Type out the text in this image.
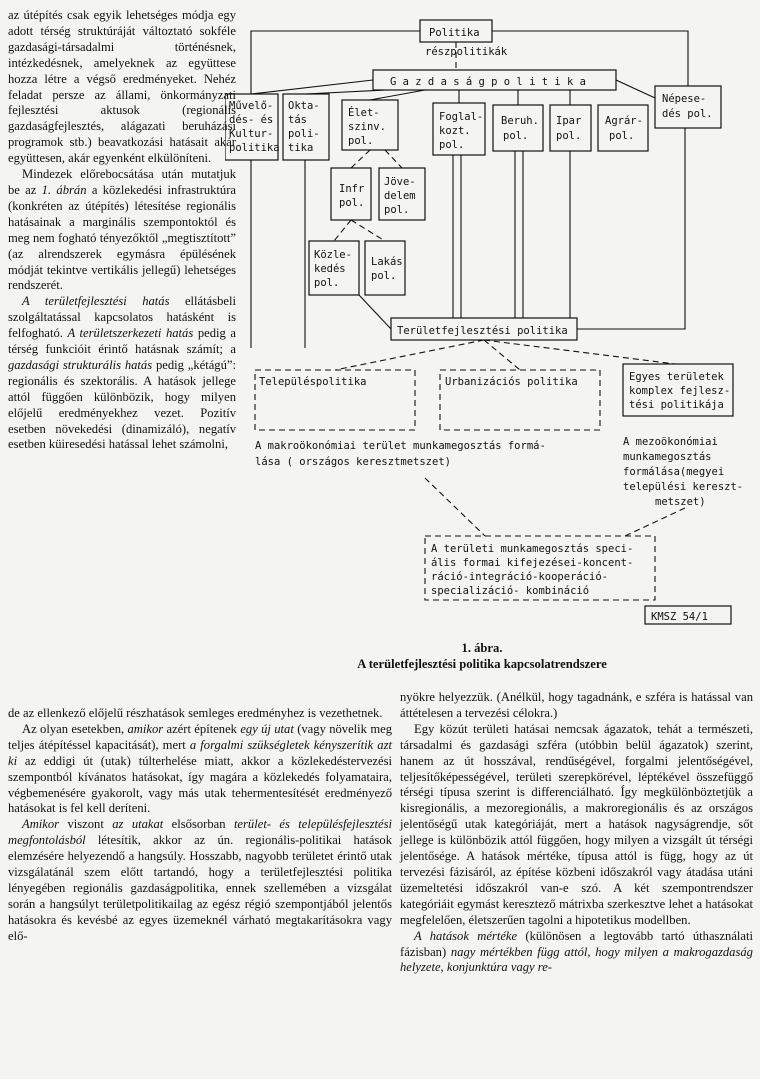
az útépítés csak egyik lehetséges módja egy adott térség struktúráját változtató sokféle gazdasági-társadalmi történésnek, intézkedésnek, amelyeknek az együttese hozza létre a végső eredményeket. Nehéz feladat persze az állami, önkormányzati fejlesztési aktusok (regionális gazdaságfejlesztés, alágazati beruházási programok stb.) beavatkozási hatásait akár együttesen, akár egyenként elkülöníteni.

Mindezek előrebocsátása után mutatjuk be az 1. ábrán a közlekedési infrastruktúra (konkréten az útépítés) létesítése regionális hatásainak a marginális szempontoktól és meg nem fogható tényezőktől „megtisztított” (az alrendszerek egymásra épülésének módját tekintve vertikális jellegű) lehetséges rendszerét.

A területfejlesztési hatás ellátásbeli szolgáltatással kapcsolatos hatásként is felfogható. A területszerkezeti hatás pedig a térség funkcióit érintő hatásnak számít; a gazdasági strukturális hatás pedig „kétágú”: regionális és szektorális. A hatások jellege attól függően különbözik, hogy milyen előjelű eredményekhez vezet. Pozitív esetben növekedési (dinamizáló), negatív esetben küiresedési hatással lehet számolni,

Politika
részpolitikák
G a z d a s á g p o l i t i k a
Népese-
dés pol.
Művelő-
dés- és
Kultur-
politika
Okta-
tás
poli-
tika
Élet-
szinv.
pol.
Foglal-
kozt.
pol.
Beruh.
pol.
Ipar
pol.
Agrár-
pol.
Infr
pol.
Jöve-
delem
pol.
Közle-
kedés
pol.
Lakás
pol.
Területfejlesztési politika
Településpolitika	Urbanizációs politika	Egyes területek
komplex fejlesz-
tési politikája
A makroökonómiai terület munkamegosztás formá-
lása ( országos keresztmetszet)
A mezoökonómiai
munkamegosztás
formálása(megyei
települési kereszt-
metszet)
A területi munkamegosztás speci-
ális formai kifejezései-koncent-
ráció-integráció-kooperáció-
specializáció- kombináció
KMSZ 54/1
1. ábra.
A területfejlesztési politika kapcsolatrendszere

de az ellenkező előjelű részhatások semleges eredményhez is vezethetnek.

Az olyan esetekben, amikor azért építenek egy új utat (vagy növelik meg teljes átépítéssel kapacitását), mert a forgalmi szükségletek kényszerítik azt ki az eddigi út (utak) túlterhelése miatt, akkor a közlekedéstervezési szempontból kívánatos hatásokat, így magára a közlekedés folyamataira, végbemenésére gyakorolt, vagy más utak tehermentesítését eredményező hatásokat is fel kell deríteni.

Amikor viszont az utakat elsősorban terület- és településfejlesztési megfontolásból létesítik, akkor az ún. regionális-politikai hatások elemzésére helyezendő a hangsúly. Hosszabb, nagyobb területet érintő utak vizsgálatánál szem előtt tartandó, hogy a területfejlesztési politika lényegében regionális gazdaságpolitika, ennek szellemében a vizsgálat során a hangsúlyt területpolitikailag az egész régió szempontjából jelentős hatásokra és kevésbé az egyes üzemeknél várható megtakarításokra vagy elő-

nyökre helyezzük. (Anélkül, hogy tagadnánk, e szféra is hatással van áttételesen a tervezési célokra.)

Egy közút területi hatásai nemcsak ágazatok, tehát a természeti, társadalmi és gazdasági szféra (utóbbin belül ágazatok) szerint, hanem az út hosszával, rendűségével, forgalmi jelentőségével, teljesítőképességével, területi szerepkörével, léptékével összefüggő térségi típusa szerint is differenciálható. Így megkülönböztetjük a kisregionális, a mezoregionális, a makroregionális és az országos jelentőségű utak kategóriáját, mert a hatások nagyságrendje, sőt jellege is különbözik attól függően, hogy milyen a vizsgált út térségi jelentősége. A hatások mértéke, típusa attól is függ, hogy az út tervezési fázisáról, az építése közbeni időszakról vagy átadása utáni üzemeltetési időszakról van-e szó. A két szempontrendszer kategóriáit egymást keresztező mátrixba szerkesztve lehet a hatásokat megfelelően, életszerűen tagolni a hipotetikus modellben.

A hatások mértéke (különösen a legtovább tartó úthasználati fázisban) nagy mértékben függ attól, hogy milyen a makrogazdaság helyzete, konjunktúra vagy re-
